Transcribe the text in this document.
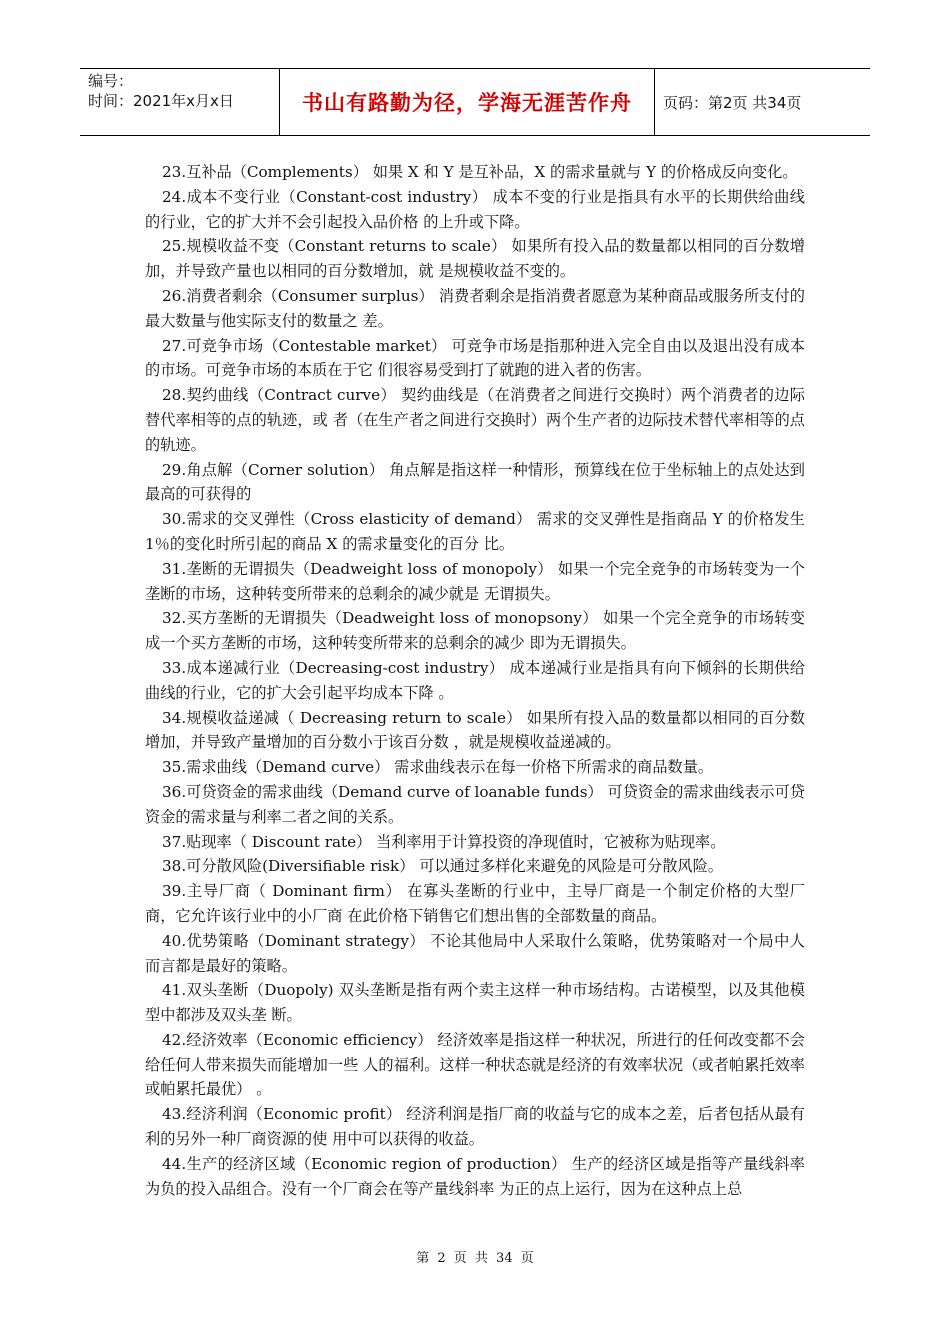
编号：
时间：2021年x月x日	书山有路勤为径，学海无涯苦作舟 页码：第2页 共34页

23.互补品（Complements） 如果 X 和 Y 是互补品，X 的需求量就与 Y 的价格成反向变化。

24.成本不变行业（Constant-cost industry） 成本不变的行业是指具有水平的长期供给曲线的行业，它的扩大并不会引起投入品价格 的上升或下降。

25.规模收益不变（Constant returns to scale） 如果所有投入品的数量都以相同的百分数增加，并导致产量也以相同的百分数增加，就 是规模收益不变的。

26.消费者剩余（Consumer surplus） 消费者剩余是指消费者愿意为某种商品或服务所支付的最大数量与他实际支付的数量之 差。

27.可竞争市场（Contestable market） 可竞争市场是指那种进入完全自由以及退出没有成本的市场。可竞争市场的本质在于它 们很容易受到打了就跑的进入者的伤害。

28.契约曲线（Contract curve） 契约曲线是（在消费者之间进行交换时）两个消费者的边际替代率相等的点的轨迹，或 者（在生产者之间进行交换时）两个生产者的边际技术替代率相等的点的轨迹。

29.角点解（Corner solution） 角点解是指这样一种情形，预算线在位于坐标轴上的点处达到最高的可获得的

30.需求的交叉弹性（Cross elasticity of demand） 需求的交叉弹性是指商品 Y 的价格发生 1％的变化时所引起的商品 X 的需求量变化的百分 比。

31.垄断的无谓损失（Deadweight loss of monopoly） 如果一个完全竞争的市场转变为一个垄断的市场，这种转变所带来的总剩余的减少就是 无谓损失。

32.买方垄断的无谓损失（Deadweight loss of monopsony） 如果一个完全竞争的市场转变成一个买方垄断的市场，这种转变所带来的总剩余的减少 即为无谓损失。

33.成本递减行业（Decreasing-cost industry） 成本递减行业是指具有向下倾斜的长期供给曲线的行业，它的扩大会引起平均成本下降 。

34.规模收益递减（ Decreasing return to scale） 如果所有投入品的数量都以相同的百分数增加，并导致产量增加的百分数小于该百分数 ，就是规模收益递减的。

35.需求曲线（Demand curve） 需求曲线表示在每一价格下所需求的商品数量。

36.可贷资金的需求曲线（Demand curve of loanable funds） 可贷资金的需求曲线表示可贷资金的需求量与利率二者之间的关系。

37.贴现率（ Discount rate） 当利率用于计算投资的净现值时，它被称为贴现率。

38.可分散风险(Diversifiable risk） 可以通过多样化来避免的风险是可分散风险。

39.主导厂商（ Dominant firm） 在寡头垄断的行业中，主导厂商是一个制定价格的大型厂商，它允许该行业中的小厂商 在此价格下销售它们想出售的全部数量的商品。

40.优势策略（Dominant strategy） 不论其他局中人采取什么策略，优势策略对一个局中人而言都是最好的策略。

41.双头垄断（Duopoly) 双头垄断是指有两个卖主这样一种市场结构。古诺模型，以及其他模型中都涉及双头垄 断。

42.经济效率（Economic efficiency） 经济效率是指这样一种状况，所进行的任何改变都不会给任何人带来损失而能增加一些 人的福利。这样一种状态就是经济的有效率状况（或者帕累托效率或帕累托最优） 。

43.经济利润（Economic profit） 经济利润是指厂商的收益与它的成本之差，后者包括从最有利的另外一种厂商资源的使 用中可以获得的收益。

44.生产的经济区域（Economic region of production） 生产的经济区域是指等产量线斜率为负的投入品组合。没有一个厂商会在等产量线斜率 为正的点上运行，因为在这种点上总

第 2 页 共 34 页
